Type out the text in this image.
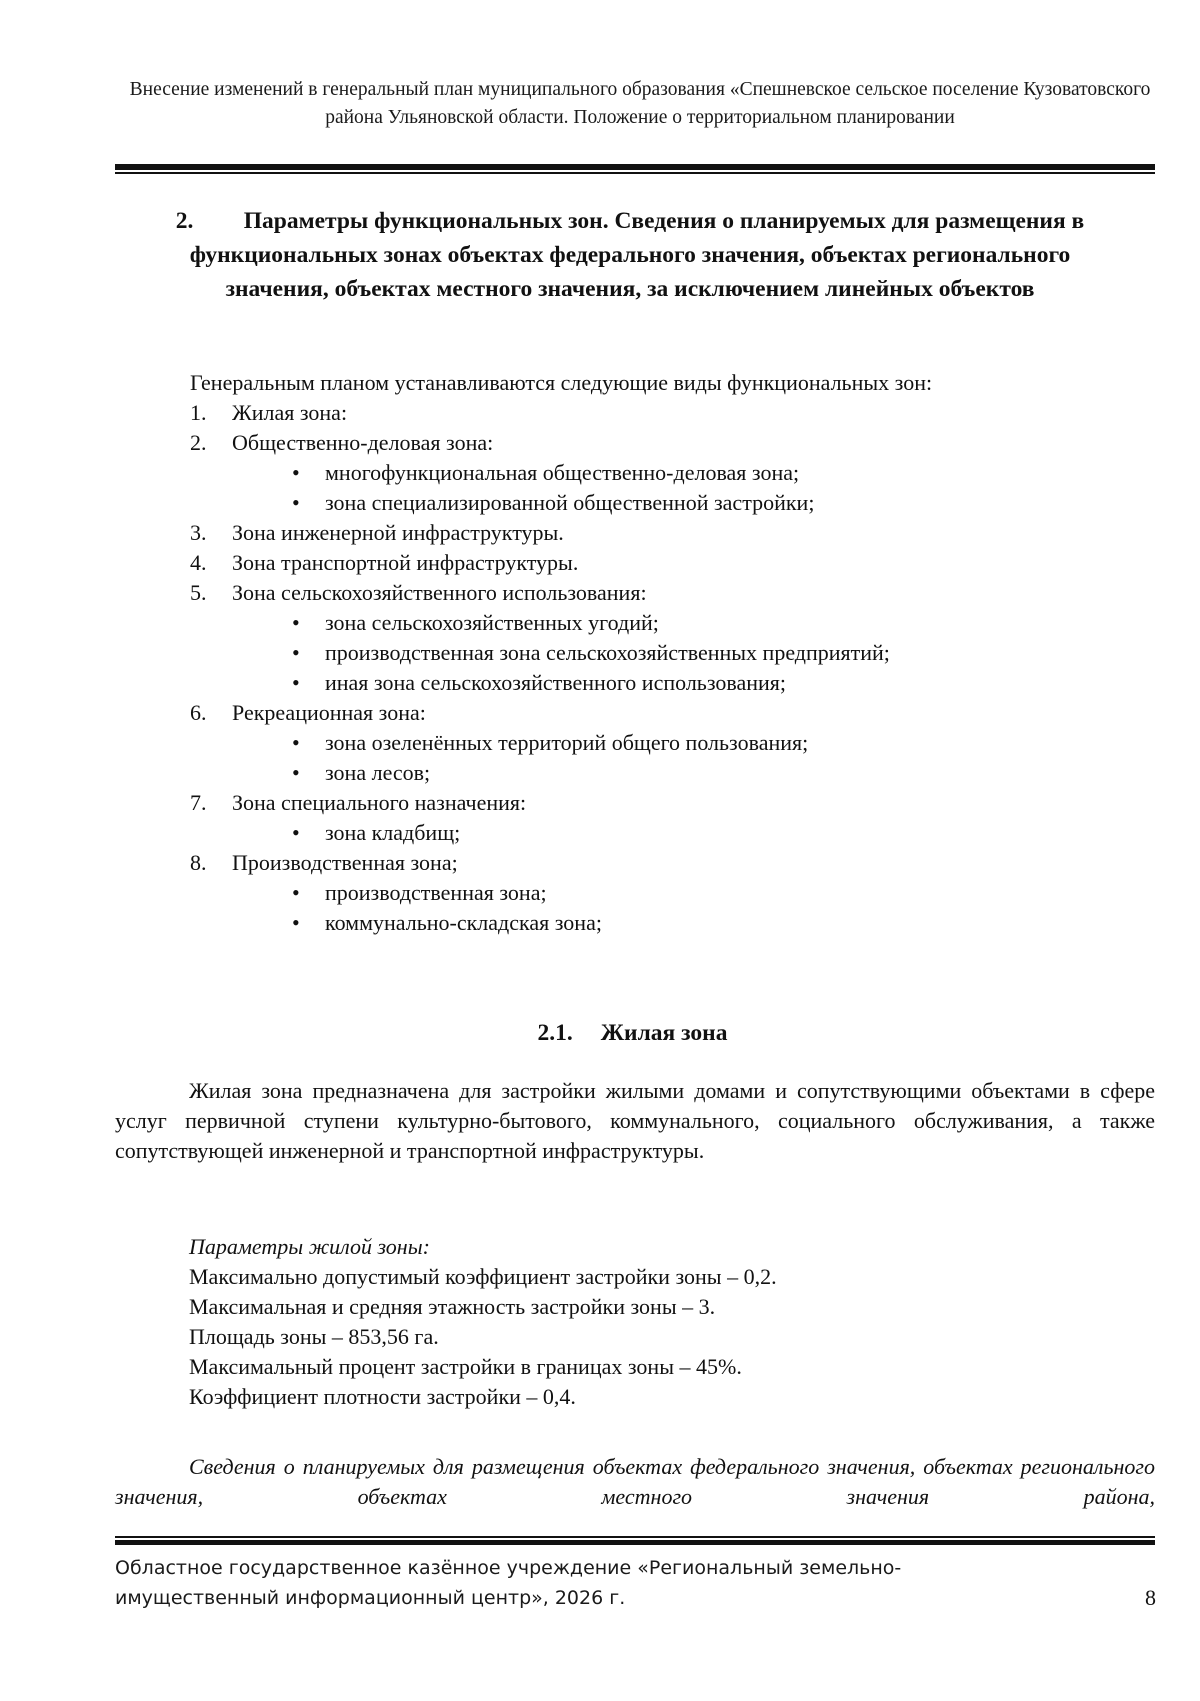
Внесение изменений в генеральный план муниципального образования «Спешневское сельское поселение Кузоватовского района Ульяновской области. Положение о территориальном планировании
2. Параметры функциональных зон. Сведения о планируемых для размещения в функциональных зонах объектах федерального значения, объектах регионального значения, объектах местного значения, за исключением линейных объектов
Генеральным планом устанавливаются следующие виды функциональных зон:
1.	Жилая зона:
2.	Общественно-деловая зона:
•	многофункциональная общественно-деловая зона;
•	зона специализированной общественной застройки;
3.	Зона инженерной инфраструктуры.
4.	Зона транспортной инфраструктуры.
5.	Зона сельскохозяйственного использования:
•	зона сельскохозяйственных угодий;
•	производственная зона сельскохозяйственных предприятий;
•	иная зона сельскохозяйственного использования;
6.	Рекреационная зона:
•	зона озеленённых территорий общего пользования;
•	зона лесов;
7.	Зона специального назначения:
•	зона кладбищ;
8.	Производственная зона;
•	производственная зона;
•	коммунально-складская зона;
2.1. Жилая зона
Жилая зона предназначена для застройки жилыми домами и сопутствующими объектами в сфере услуг первичной ступени культурно-бытового, коммунального, социального обслуживания, а также сопутствующей инженерной и транспортной инфраструктуры.
Параметры жилой зоны:
Максимально допустимый коэффициент застройки зоны – 0,2.
Максимальная и средняя этажность застройки зоны – 3.
Площадь зоны – 853,56 га.
Максимальный процент застройки в границах зоны – 45%.
Коэффициент плотности застройки – 0,4.
Сведения о планируемых для размещения объектах федерального значения, объектах регионального значения, объектах местного значения района,
Областное государственное казённое учреждение «Региональный земельно-имущественный информационный центр», 2026 г.	8
